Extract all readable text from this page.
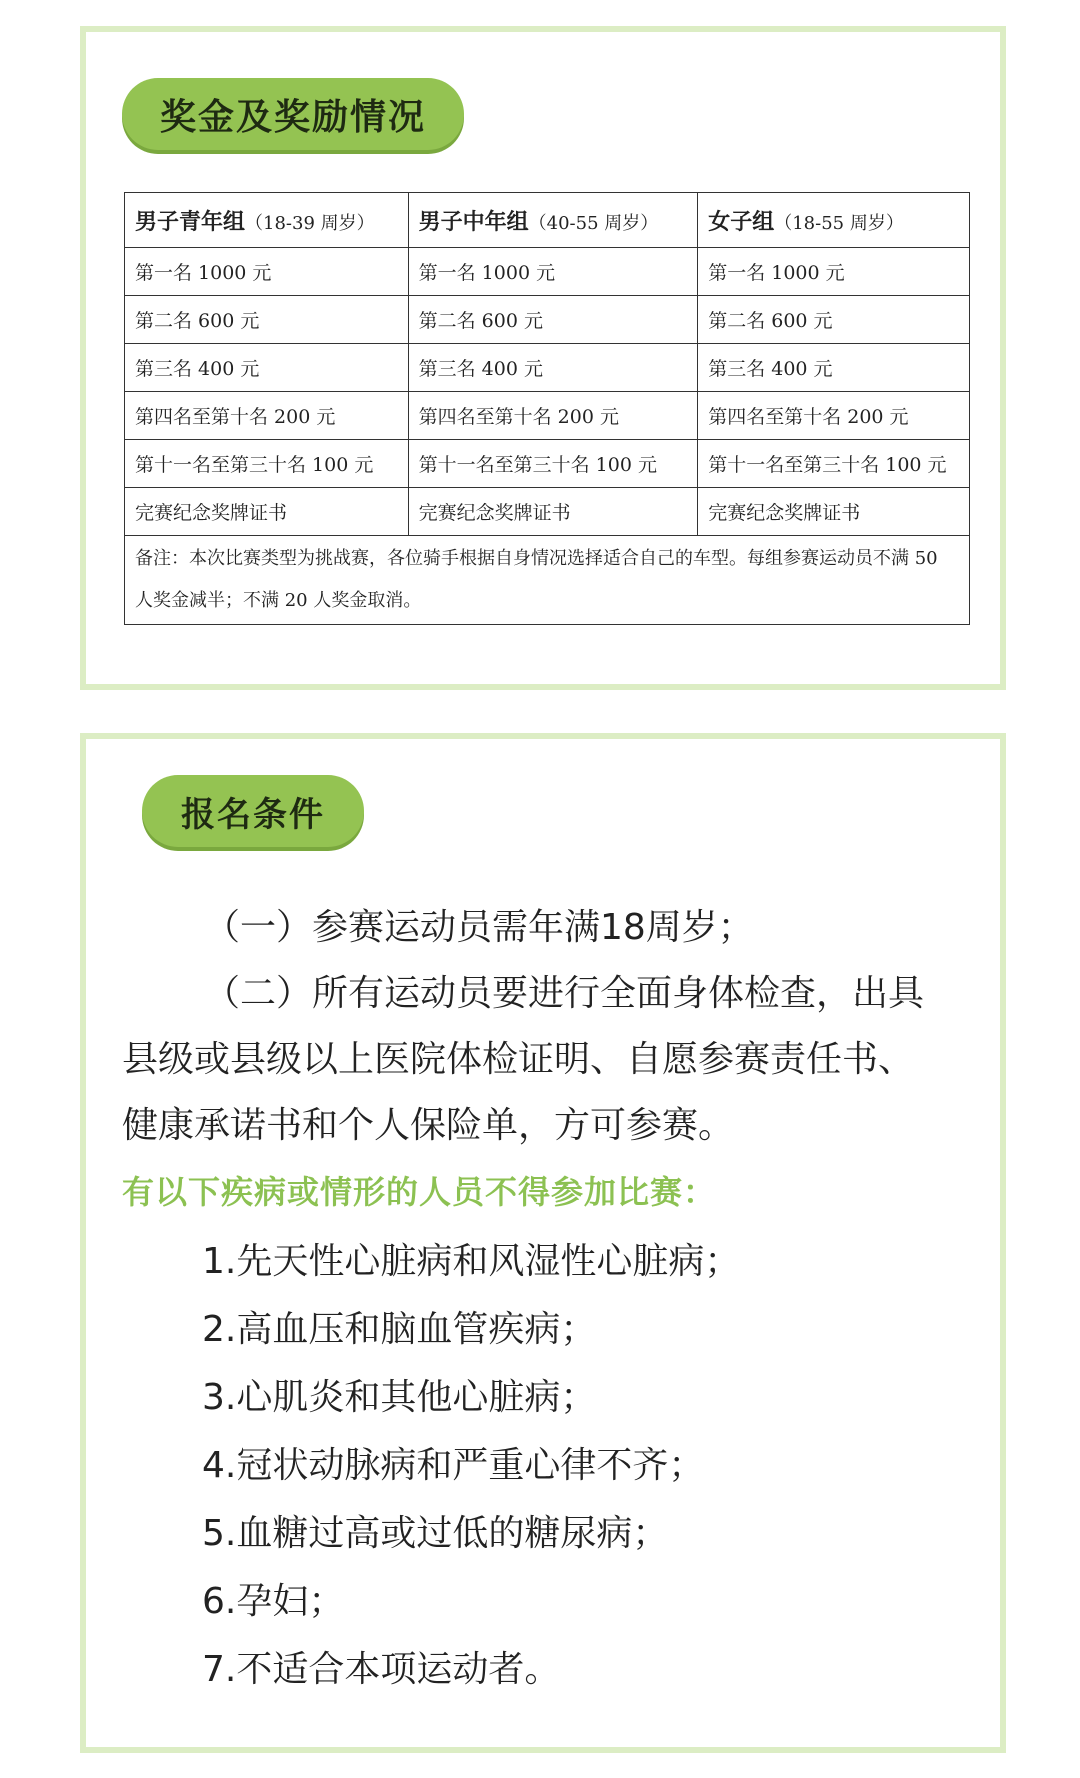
奖金及奖励情况
男子青年组（18-39 周岁）	男子中年组（40-55 周岁）	女子组（18-55 周岁）
第一名 1000 元	第一名 1000 元	第一名 1000 元
第二名 600 元	第二名 600 元	第二名 600 元
第三名 400 元	第三名 400 元	第三名 400 元
第四名至第十名 200 元	第四名至第十名 200 元	第四名至第十名 200 元
第十一名至第三十名 100 元	第十一名至第三十名 100 元	第十一名至第三十名 100 元
完赛纪念奖牌证书	完赛纪念奖牌证书	完赛纪念奖牌证书
备注：本次比赛类型为挑战赛，各位骑手根据自身情况选择适合自己的车型。每组参赛运动员不满 50 人奖金减半；不满 20 人奖金取消。		
报名条件
（一）参赛运动员需年满18周岁；
（二）所有运动员要进行全面身体检查，出具
县级或县级以上医院体检证明、自愿参赛责任书、
健康承诺书和个人保险单，方可参赛。
有以下疾病或情形的人员不得参加比赛：
1.先天性心脏病和风湿性心脏病；
2.高血压和脑血管疾病；
3.心肌炎和其他心脏病；
4.冠状动脉病和严重心律不齐；
5.血糖过高或过低的糖尿病；
6.孕妇；
7.不适合本项运动者。
